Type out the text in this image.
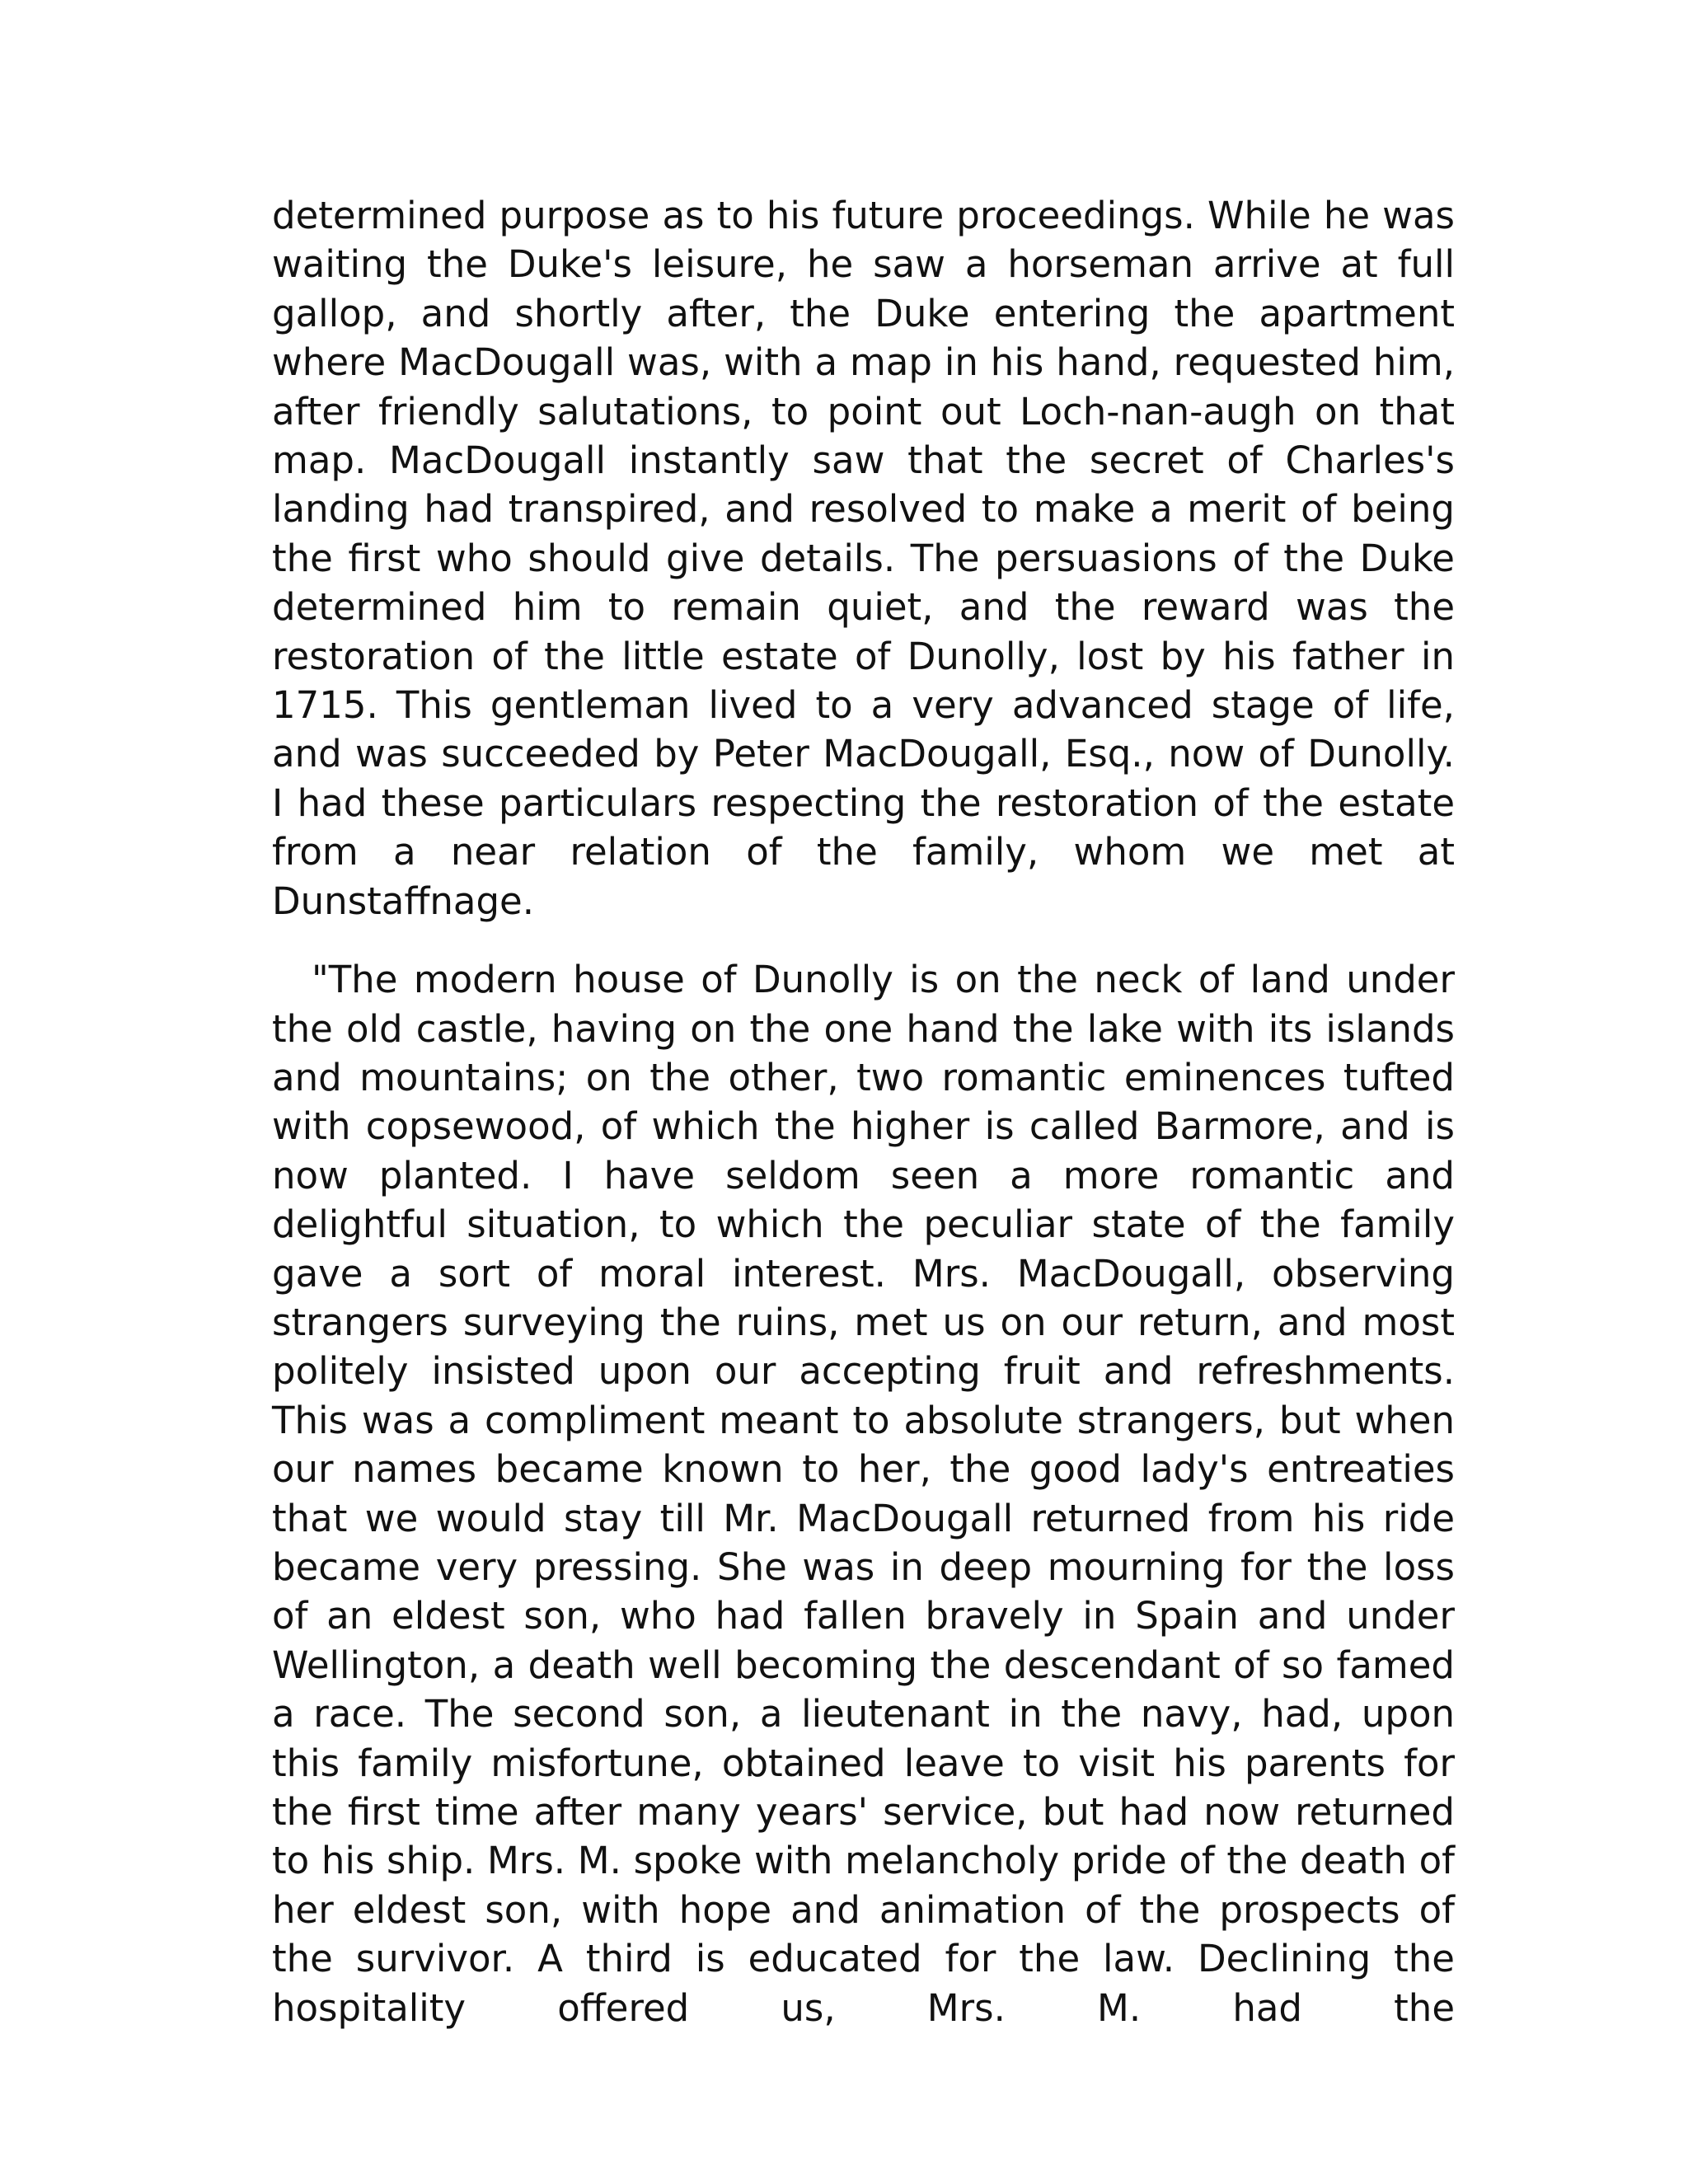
determined purpose as to his future proceedings. While he was waiting the Duke's leisure, he saw a horseman arrive at full gallop, and shortly after, the Duke entering the apartment where MacDougall was, with a map in his hand, requested him, after friendly salutations, to point out Loch-nan-augh on that map. MacDougall instantly saw that the secret of Charles's landing had transpired, and resolved to make a merit of being the first who should give details. The persuasions of the Duke determined him to remain quiet, and the reward was the restoration of the little estate of Dunolly, lost by his father in 1715. This gentleman lived to a very advanced stage of life, and was succeeded by Peter MacDougall, Esq., now of Dunolly. I had these particulars respecting the restoration of the estate from a near relation of the family, whom we met at Dunstaffnage.

"The modern house of Dunolly is on the neck of land under the old castle, having on the one hand the lake with its islands and mountains; on the other, two romantic eminences tufted with copsewood, of which the higher is called Barmore, and is now planted. I have seldom seen a more romantic and delightful situation, to which the peculiar state of the family gave a sort of moral interest. Mrs. MacDougall, observing strangers surveying the ruins, met us on our return, and most politely insisted upon our accepting fruit and refreshments. This was a compliment meant to absolute strangers, but when our names became known to her, the good lady's entreaties that we would stay till Mr. MacDougall returned from his ride became very pressing. She was in deep mourning for the loss of an eldest son, who had fallen bravely in Spain and under Wellington, a death well becoming the descendant of so famed a race. The second son, a lieutenant in the navy, had, upon this family misfortune, obtained leave to visit his parents for the first time after many years' service, but had now returned to his ship. Mrs. M. spoke with melancholy pride of the death of her eldest son, with hope and animation of the prospects of the survivor. A third is educated for the law. Declining the hospitality offered us, Mrs. M. had the
